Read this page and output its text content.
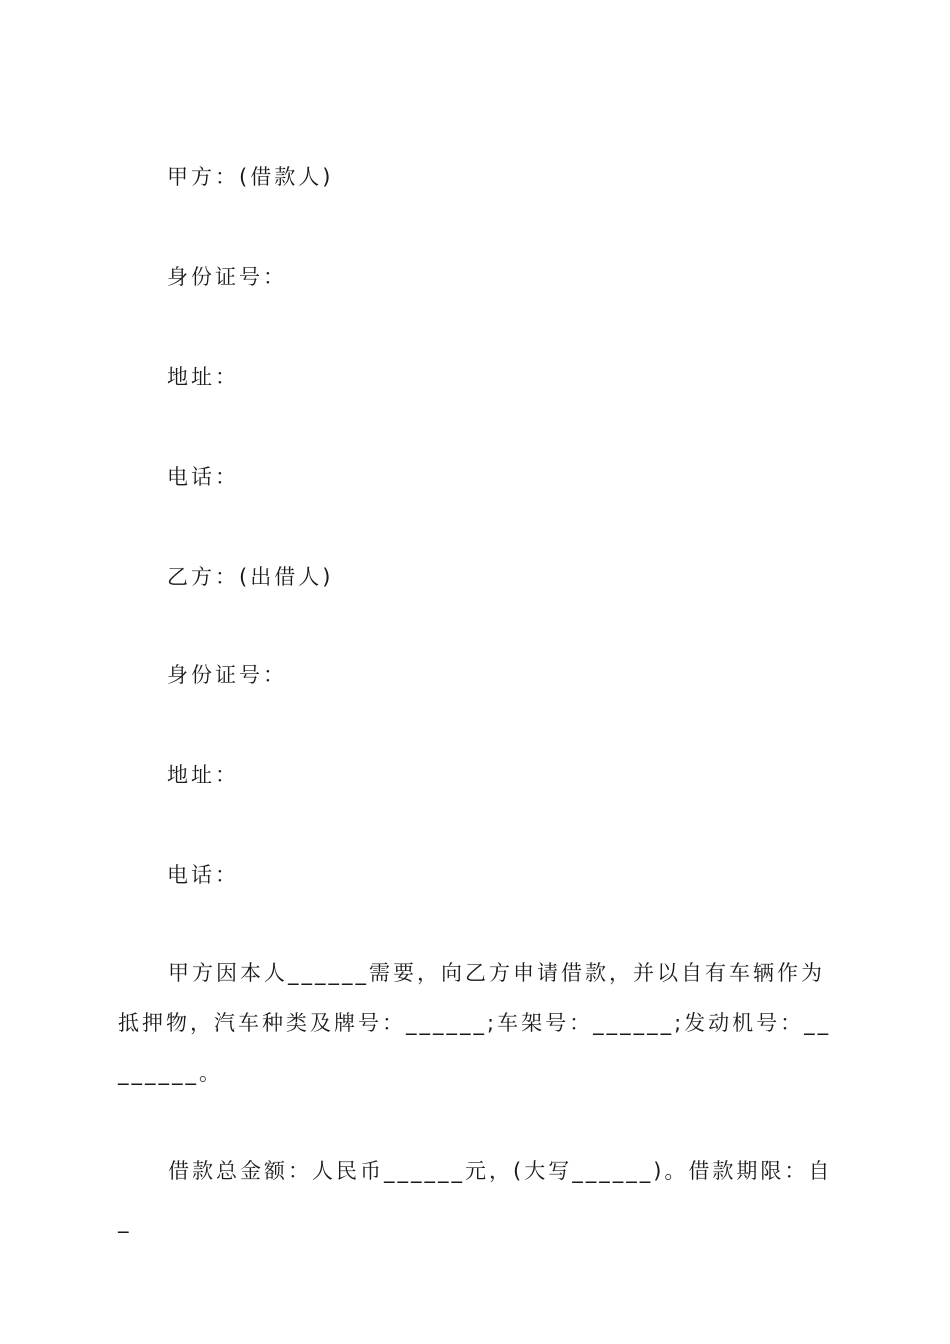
甲方：(借款人)
身份证号：
地址：
电话：
乙方：(出借人)
身份证号：
地址：
电话：
甲方因本人______需要，向乙方申请借款，并以自有车辆作为抵押物，汽车种类及牌号：______;车架号：______;发动机号：________。
借款总金额：人民币______元，(大写______)。借款期限：自_
